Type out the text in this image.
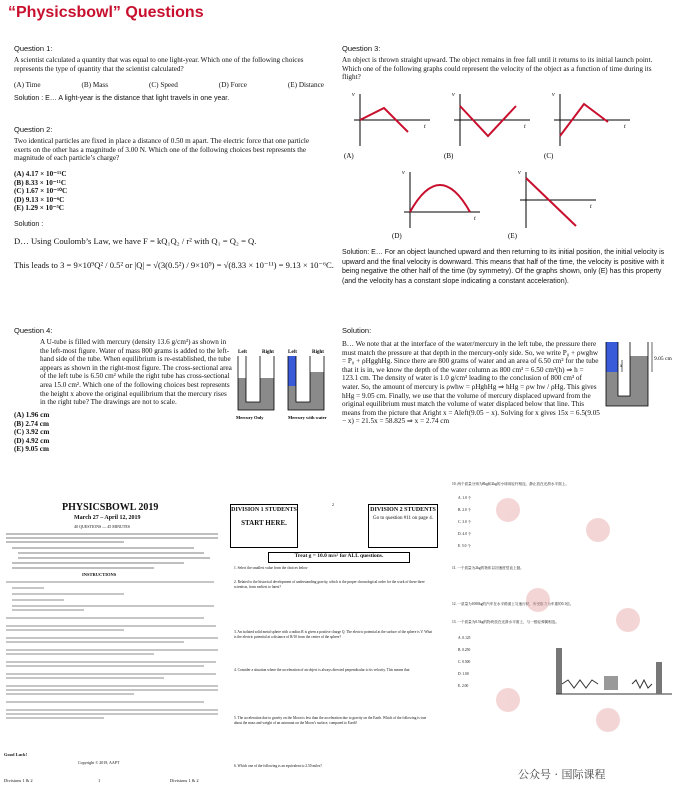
“Physicsbowl” Questions
Question 1:
A scientist calculated a quantity that was equal to one light-year. Which one of the following choices represents the type of quantity that the scientist calculated?
(A) Time	(B) Mass	(C) Speed	(D) Force	(E) Distance
Solution : E… A light-year is the distance that light travels in one year.
Question 2:
Two identical particles are fixed in place a distance of 0.50 m apart. The electric force that one particle exerts on the other has a magnitude of 3.00 N. Which one of the following choices best represents the magnitude of each particle’s charge?
(A) 4.17 × 10⁻¹¹C
(B) 8.33 × 10⁻¹¹C
(C) 1.67 × 10⁻¹⁰C
(D) 9.13 × 10⁻⁶C
(E) 1.29 × 10⁻⁵C
Solution :
D… Using Coulomb’s Law, we have F = kQ₁Q₂ / r² with Q₁ = Q₂ = Q.
This leads to 3 = 9×10⁹Q² / 0.5² or |Q| = √(3(0.5²) / 9×10⁹) = √(8.33 × 10⁻¹¹) = 9.13 × 10⁻⁶C.
Question 3:
An object is thrown straight upward. The object remains in free fall until it returns to its initial launch point. Which one of the following graphs could represent the velocity of the object as a function of time during its flight?
v
t
(A)
v
t
(B)
v
t
(C)
v
t
(D)
v
t
(E)
Solution: E… For an object launched upward and then returning to its initial position, the initial velocity is upward and the final velocity is downward. This means that half of the time, the velocity is positive with it being negative the other half of the time (by symmetry). Of the graphs shown, only (E) has this property (and the velocity has a constant slope indicating a constant acceleration).
Question 4:
A U-tube is filled with mercury (density 13.6 g/cm³) as shown in the left-most figure. Water of mass 800 grams is added to the left-hand side of the tube. When equilibrium is re-established, the tube appears as shown in the right-most figure. The cross-sectional area of the left tube is 6.50 cm² while the right tube has cross-sectional area 15.0 cm². Which one of the following choices best represents the height x above the original equilibrium that the mercury rises in the right tube? The drawings are not to scale.
(A) 1.96 cm
(B) 2.74 cm
(C) 3.92 cm
(D) 4.92 cm
(E) 9.05 cm
Left	Right
Mercury Only
Left	Right
Mercury with water
Solution:
B… We note that at the interface of the water/mercury in the left tube, the pressure there must match the pressure at that depth in the mercury-only side. So, we write P₀ + ρwghw = P₀ + ρHgghHg. Since there are 800 grams of water and an area of 6.50 cm² for the tube that it is in, we know the depth of the water column as 800 cm³ = 6.50 cm²(h) ⇒ h = 123.1 cm. The density of water is 1.0 g/cm³ leading to the conclusion of 800 cm³ of water. So, the amount of mercury is ρwhw = ρHghHg ⇒ hHg = ρw hw / ρHg. This gives hHg = 9.05 cm. Finally, we use that the volume of mercury displaced upward from the original equilibrium must match the volume of water displaced below that line. This means from the picture that Aright x = Aleft(9.05 − x). Solving for x gives 15x = 6.5(9.05 − x) = 21.5x = 58.825 ⇒ x = 2.74 cm
x
9.05 cm
PHYSICSBOWL 2019
March 27 – April 12, 2019
40 QUESTIONS — 45 MINUTES
INSTRUCTIONS
Good Luck!
Copyright © 2019, AAPT
Divisions 1 & 2	1	Divisions 1 & 2
DIVISION 1 STUDENTS
START HERE.
2
DIVISION 2 STUDENTS
Go to question #11 on page 4.
Treat g = 10.0 m/s² for ALL questions.
1. Select the smallest value from the choices below
2. Related to the historical development of understanding gravity, which is the proper chronological order for the work of these three scientists, from earliest to latest?
3. An isolated solid metal sphere with a radius R is given a positive charge Q. The electric potential at the surface of the sphere is V. What is the electric potential at a distance of R/10 from the center of the sphere?
4. Consider a situation where the acceleration of an object is always directed perpendicular to its velocity. This means that
5. The acceleration due to gravity on the Moon is less than the acceleration due to gravity on the Earth. Which of the following is true about the mass and weight of an astronaut on the Moon’s surface, compared to Earth?
6. Which one of the following is an equivalent to 2.50 miles?
10. 两个质量分别为8kg和2kg的小球用轻杆相连，静止放在光滑水平面上。
A. 1.0 个
B. 2.0 个
C. 3.0 个
D. 4.0 个
E. 5.0 个
11. 一个质量为2kg的物体以初速度竖直上抛。
12. 一质量为1000kg的汽车在水平路面上匀速行驶，所受阻力为车重的0.1倍。
13. 一个质量为0.5kg的物块放在光滑水平面上，与一根轻弹簧相连。
A. 0.125
B. 0.250
C. 0.500
D. 1.00
E. 2.00
公众号 · 国际课程
